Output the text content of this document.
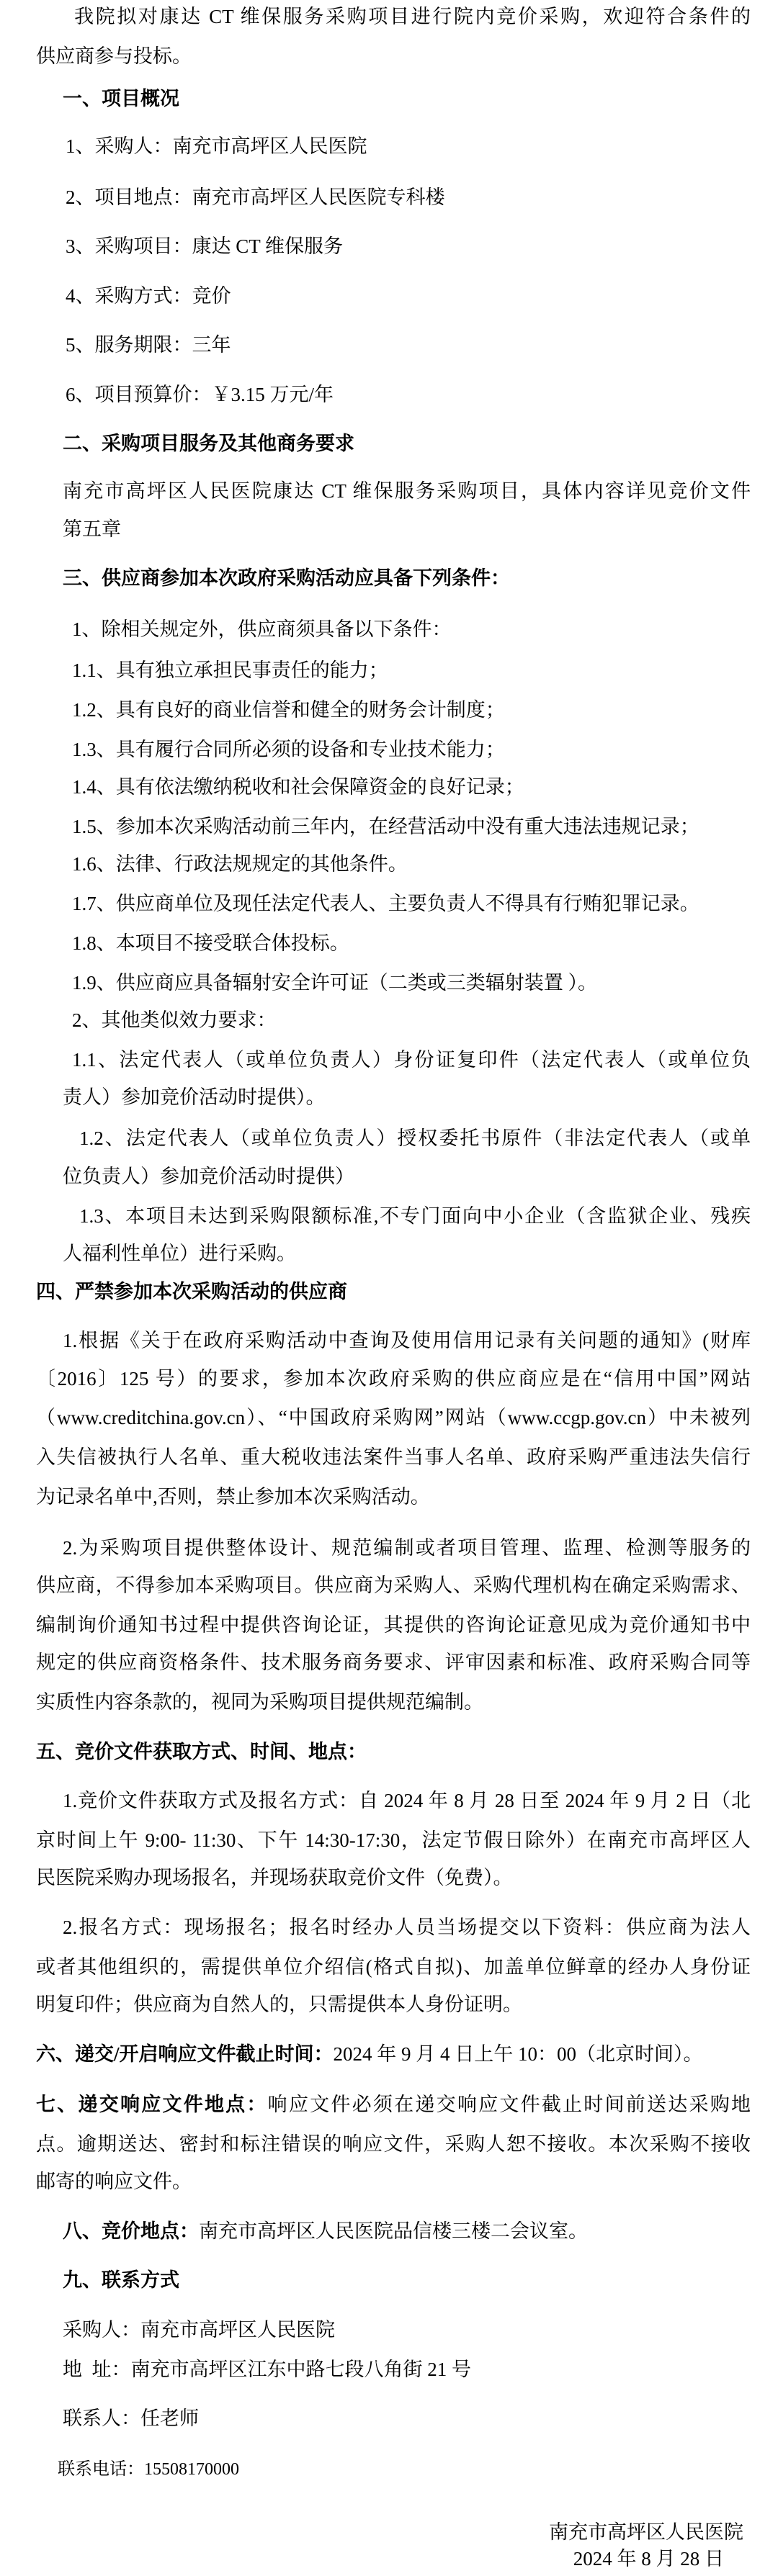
我院拟对康达 CT 维保服务采购项目进行院内竞价采购，欢迎符合条件的
供应商参与投标。
一、项目概况
1、采购人：南充市高坪区人民医院
2、项目地点：南充市高坪区人民医院专科楼
3、采购项目：康达 CT 维保服务
4、采购方式：竞价
5、服务期限：三年
6、项目预算价：￥3.15 万元/年
二、采购项目服务及其他商务要求
南充市高坪区人民医院康达 CT 维保服务采购项目，具体内容详见竞价文件
第五章
三、供应商参加本次政府采购活动应具备下列条件：
1、除相关规定外，供应商须具备以下条件：
1.1、具有独立承担民事责任的能力；
1.2、具有良好的商业信誉和健全的财务会计制度；
1.3、具有履行合同所必须的设备和专业技术能力；
1.4、具有依法缴纳税收和社会保障资金的良好记录；
1.5、参加本次采购活动前三年内，在经营活动中没有重大违法违规记录；
1.6、法律、行政法规规定的其他条件。
1.7、供应商单位及现任法定代表人、主要负责人不得具有行贿犯罪记录。
1.8、本项目不接受联合体投标。
1.9、供应商应具备辐射安全许可证（二类或三类辐射装置 ）。
2、其他类似效力要求：
1.1、法定代表人（或单位负责人）身份证复印件（法定代表人（或单位负
责人）参加竞价活动时提供）。
1.2、法定代表人（或单位负责人）授权委托书原件（非法定代表人（或单
位负责人）参加竞价活动时提供）
1.3、本项目未达到采购限额标准,不专门面向中小企业（含监狱企业、残疾
人福利性单位）进行采购。
四、严禁参加本次采购活动的供应商
1.根据《关于在政府采购活动中查询及使用信用记录有关问题的通知》(财库
〔2016〕125 号）的要求，参加本次政府采购的供应商应是在“信用中国”网站
（www.creditchina.gov.cn）、“中国政府采购网”网站（www.ccgp.gov.cn）中未被列
入失信被执行人名单、重大税收违法案件当事人名单、政府采购严重违法失信行
为记录名单中,否则，禁止参加本次采购活动。
2.为采购项目提供整体设计、规范编制或者项目管理、监理、检测等服务的
供应商，不得参加本采购项目。供应商为采购人、采购代理机构在确定采购需求、
编制询价通知书过程中提供咨询论证，其提供的咨询论证意见成为竞价通知书中
规定的供应商资格条件、技术服务商务要求、评审因素和标准、政府采购合同等
实质性内容条款的，视同为采购项目提供规范编制。
五、竞价文件获取方式、时间、地点：
1.竞价文件获取方式及报名方式：自 2024 年 8 月 28 日至 2024 年 9 月 2 日（北
京时间上午 9:00- 11:30、下午 14:30-17:30，法定节假日除外）在南充市高坪区人
民医院采购办现场报名，并现场获取竞价文件（免费）。
2.报名方式：现场报名；报名时经办人员当场提交以下资料：供应商为法人
或者其他组织的，需提供单位介绍信(格式自拟)、加盖单位鲜章的经办人身份证
明复印件；供应商为自然人的，只需提供本人身份证明。
六、递交/开启响应文件截止时间：2024 年 9 月 4 日上午 10：00（北京时间）。
七、递交响应文件地点：响应文件必须在递交响应文件截止时间前送达采购地
点。逾期送达、密封和标注错误的响应文件，采购人恕不接收。本次采购不接收
邮寄的响应文件。
八、竞价地点：南充市高坪区人民医院品信楼三楼二会议室。
九、联系方式
采购人：南充市高坪区人民医院
地  址：南充市高坪区江东中路七段八角街 21 号
联系人：任老师
联系电话：15508170000
南充市高坪区人民医院
2024 年 8 月 28 日
